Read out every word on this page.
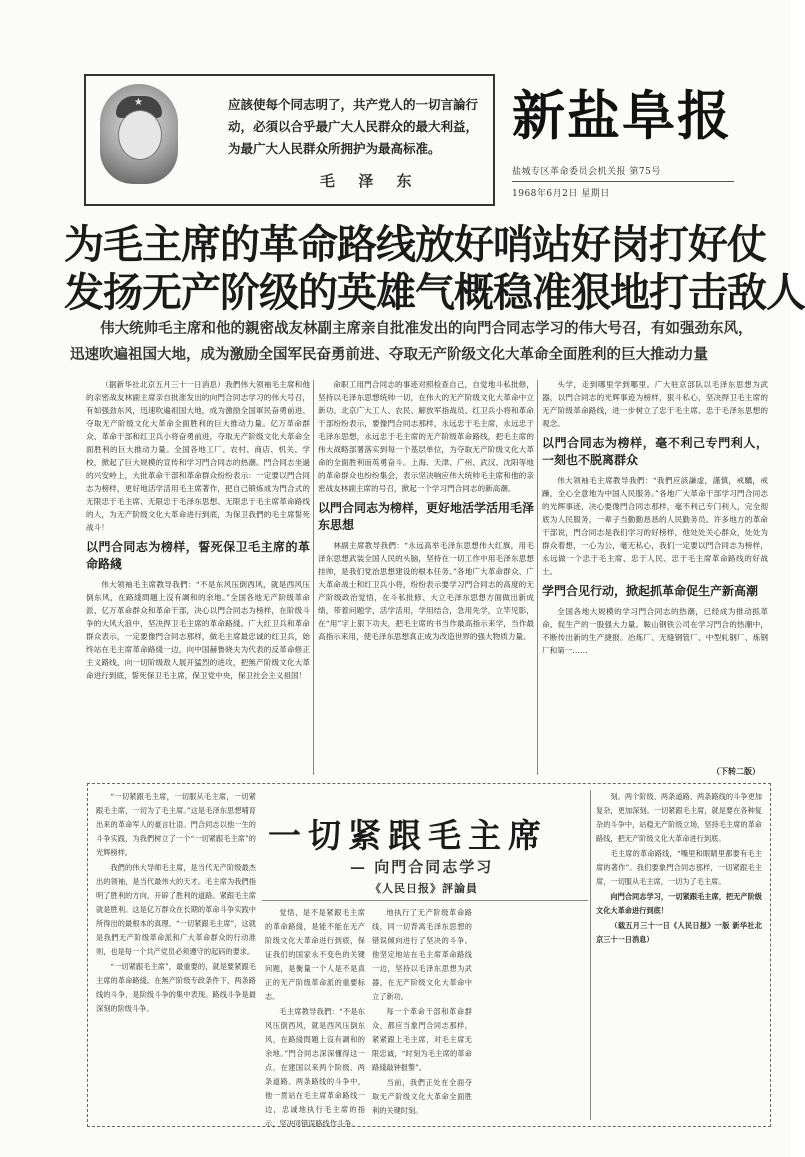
★	应該使每个同志明了，共产党人的一切言論行动，必須以合乎最广大人民群众的最大利益，为最广大人民群众所拥护为最高标准。
毛 泽 东
新盐阜报
盐城专区革命委员会机关报 第75号
1968年6月2日 星期日
为毛主席的革命路线放好哨站好岗打好仗
发扬无产阶级的英雄气概稳准狠地打击敌人
伟大统帅毛主席和他的親密战友林副主席亲自批准发出的向門合同志学习的伟大号召，有如强劲东风，
迅速吹遍祖国大地，成为激励全国军民奋勇前进、夺取无产阶级文化大革命全面胜利的巨大推动力量

（据新华社北京五月三十一日消息）我們伟大领袖毛主席和他的亲密战友林副主席亲自批准发出的向門合同志学习的伟大号召，有如强劲东风，迅速吹遍祖国大地，成为激励全国軍民奋勇前进、夺取无产阶级文化大革命全面胜利的巨大推动力量。亿万革命群众、革命干部和红卫兵小将奋勇前进，夺取无产阶级文化大革命全面胜利的巨大推动力量。全国各地工厂、农村、商店、机关、学校，掀起了巨大规模的宣传和学习門合同志的热潮。門合同志坐過的兴安岭上，大批革命干部和革命群众纷纷表示：一定要以門合同志为榜样，更好地活学活用毛主席著作，把自己锻炼成为門合式的无限忠于毛主席、无限忠于毛泽东思想、无限忠于毛主席革命路线的人，为无产阶级文化大革命进行到底，为保卫我們的毛主席誓死战斗！

以門合同志为榜样，誓死保卫毛主席的革命路綫

伟大领袖毛主席教导我們：“不是东风压倒西风，就是西风压倒东风，在路綫問題上沒有調和的余地。”全国各地无产阶级革命派、亿万革命群众和革命干部，决心以門合同志为榜样，在阶级斗争的大风大浪中，坚决捍卫毛主席的革命路綫。广大红卫兵和革命群众表示，一定要像門合同志那样，做毛主席最忠诚的红卫兵，始终站在毛主席革命路綫一边，向中国赫鲁晓夫为代表的反革命修正主义路线，向一切阶级敌人展开猛烈的进攻，把無产阶级文化大革命进行到底，誓死保卫毛主席，保卫党中央，保卫社会主义祖国！

命职工用門合同志的事迹对照检查自己，自觉地斗私批修，坚持以毛泽东思想统帅一切，在伟大的无产阶级文化大革命中立新功。北京广大工人、农民、解放军指战员、红卫兵小将和革命干部纷纷表示，要像門合同志那样，永远忠于毛主席，永远忠于毛泽东思想，永远忠于毛主席的无产阶级革命路线，把毛主席的伟大战略部署落实到每一个基层单位，为夺取无产阶级文化大革命的全面胜利而英勇奋斗。上海、天津、广州、武汉、沈阳等地的革命群众也纷纷集会，表示坚决响应伟大统帅毛主席和他的亲密战友林副主席的号召，掀起一个学习門合同志的新高潮。

以門合同志为榜样，更好地活学活用毛泽东思想

林副主席教导我們：“永远高举毛泽东思想伟大红旗，用毛泽东思想武装全国人民的头脑，坚持在一切工作中用毛泽东思想挂帅，是我们党治思想建设的根本任务。”各地广大革命群众、广大革命战士和红卫兵小将，纷纷表示要学习門合同志的高度的无产阶级政治觉悟，在斗私批修、大立毛泽东思想方面做出新成绩，带着问题学，活学活用，学用结合，急用先学，立竿见影，在“用”字上狠下功夫，把毛主席的书当作最高指示来学，当作最高指示来用，使毛泽东思想真正成为改造世界的强大物质力量。

头学，走到哪里学到哪里。广大驻京部队以毛泽东思想为武器，以門合同志的光辉事迹为榜样，狠斗私心，坚决捍卫毛主席的无产阶级革命路线，进一步树立了忠于毛主席、忠于毛泽东思想的观念。

以門合同志为榜样，毫不利己专門利人，一刻也不脱离群众

伟大领袖毛主席教导我們：“我們应該謙虚，謹慎，戒驕，戒躁，全心全意地为中国人民服务。”各地广大革命干部学习門合同志的光辉事迹，决心要像門合同志那样，毫不利己专门利人，完全彻底为人民服务，一辈子当勤勤恳恳的人民勤务员。许多地方的革命干部说，門合同志是我们学习的好榜样，他处处关心群众，处处为群众着想，一心为公，毫无私心，我们一定要以門合同志为榜样，永远做一个忠于毛主席、忠于人民、忠于毛主席革命路线的好战士。

学門合见行动，掀起抓革命促生产新高潮

全国各地大规模的学习門合同志的热潮，已经成为推动抓革命、促生产的一股强大力量。鞍山钢铁公司在学习門合的热潮中，不断传出新的生产捷报。冶炼厂、无缝钢管厂、中型轧钢厂、炼钢厂和第一……

（下转二版）
一切紧跟毛主席
— 向門合同志学习
《人民日报》評論員

“一切紧跟毛主席，一切服从毛主席，一切紧跟毛主席，一切为了毛主席。”这是毛泽东思想哺育出来的革命军人的豪言壮语。門合同志以他一生的斗争实践，为我們树立了一个“一切紧跟毛主席”的光辉榜样。

我們的伟大导师毛主席，是当代无产阶级最杰出的领袖，是当代最伟大的天才。毛主席为我們指明了胜利的方向，开辟了胜利的道路。紧跟毛主席就是胜利。这是亿万群众在长期的革命斗争实践中所得出的最根本的真理。“一切紧跟毛主席”，这就是我們无产阶级革命派和广大革命群众的行动准则，也是每一个共产党员必须遵守的起码的要求。

“一切紧跟毛主席”，最重要的，就是要紧跟毛主席的革命路綫。在無产阶级专政条件下，两条路线的斗争，是阶级斗争的集中表现。路线斗争是最深刻的阶级斗争。

觉悟，是不是紧跟毛主席的革命路綫，是能不能在无产阶级文化大革命进行到底，保证我们的国家永不变色的关键问题，是衡量一个人是不是真正的无产阶级革命派的重要标志。

毛主席教导我們：“不是东风压倒西风，就是西风压倒东风，在路綫問題上沒有調和的余地。”門合同志深深懂得这一点，在建国以来两个阶级、两条道路、两条路线的斗争中，他一贯站在毛主席革命路线一边，忠诚地执行毛主席的指示，坚决同错误路线作斗争。

地执行了无产阶级革命路线，同一切背离毛泽东思想的错误倾向进行了坚决的斗争。他坚定地站在毛主席革命路线一边，坚持以毛泽东思想为武器，在无产阶级文化大革命中立了新功。

每一个革命干部和革命群众，都应当象門合同志那样，紧紧跟上毛主席，对毛主席无限忠诚，“时刻为毛主席的革命路綫敲钟报警”。

当前，我們正处在全面夺取无产阶级文化大革命全面胜利的关键时刻。

刻。两个阶级、两条道路、两条路线的斗争更加复杂，更加深刻。一切紧跟毛主席，就是要在各种复杂的斗争中，站稳无产阶级立场，坚持毛主席的革命路线，把无产阶级文化大革命进行到底。

毛主席的革命路线，“嘴里和眼睛里都要有毛主席的著作”。我们要象門合同志那样，一切紧跟毛主席，一切服从毛主席，一切为了毛主席。

向門合同志学习，一切紧跟毛主席，把无产阶级文化大革命进行到底！

（载五月三十一日《人民日报》一版 新华社北京三十一日消息）
